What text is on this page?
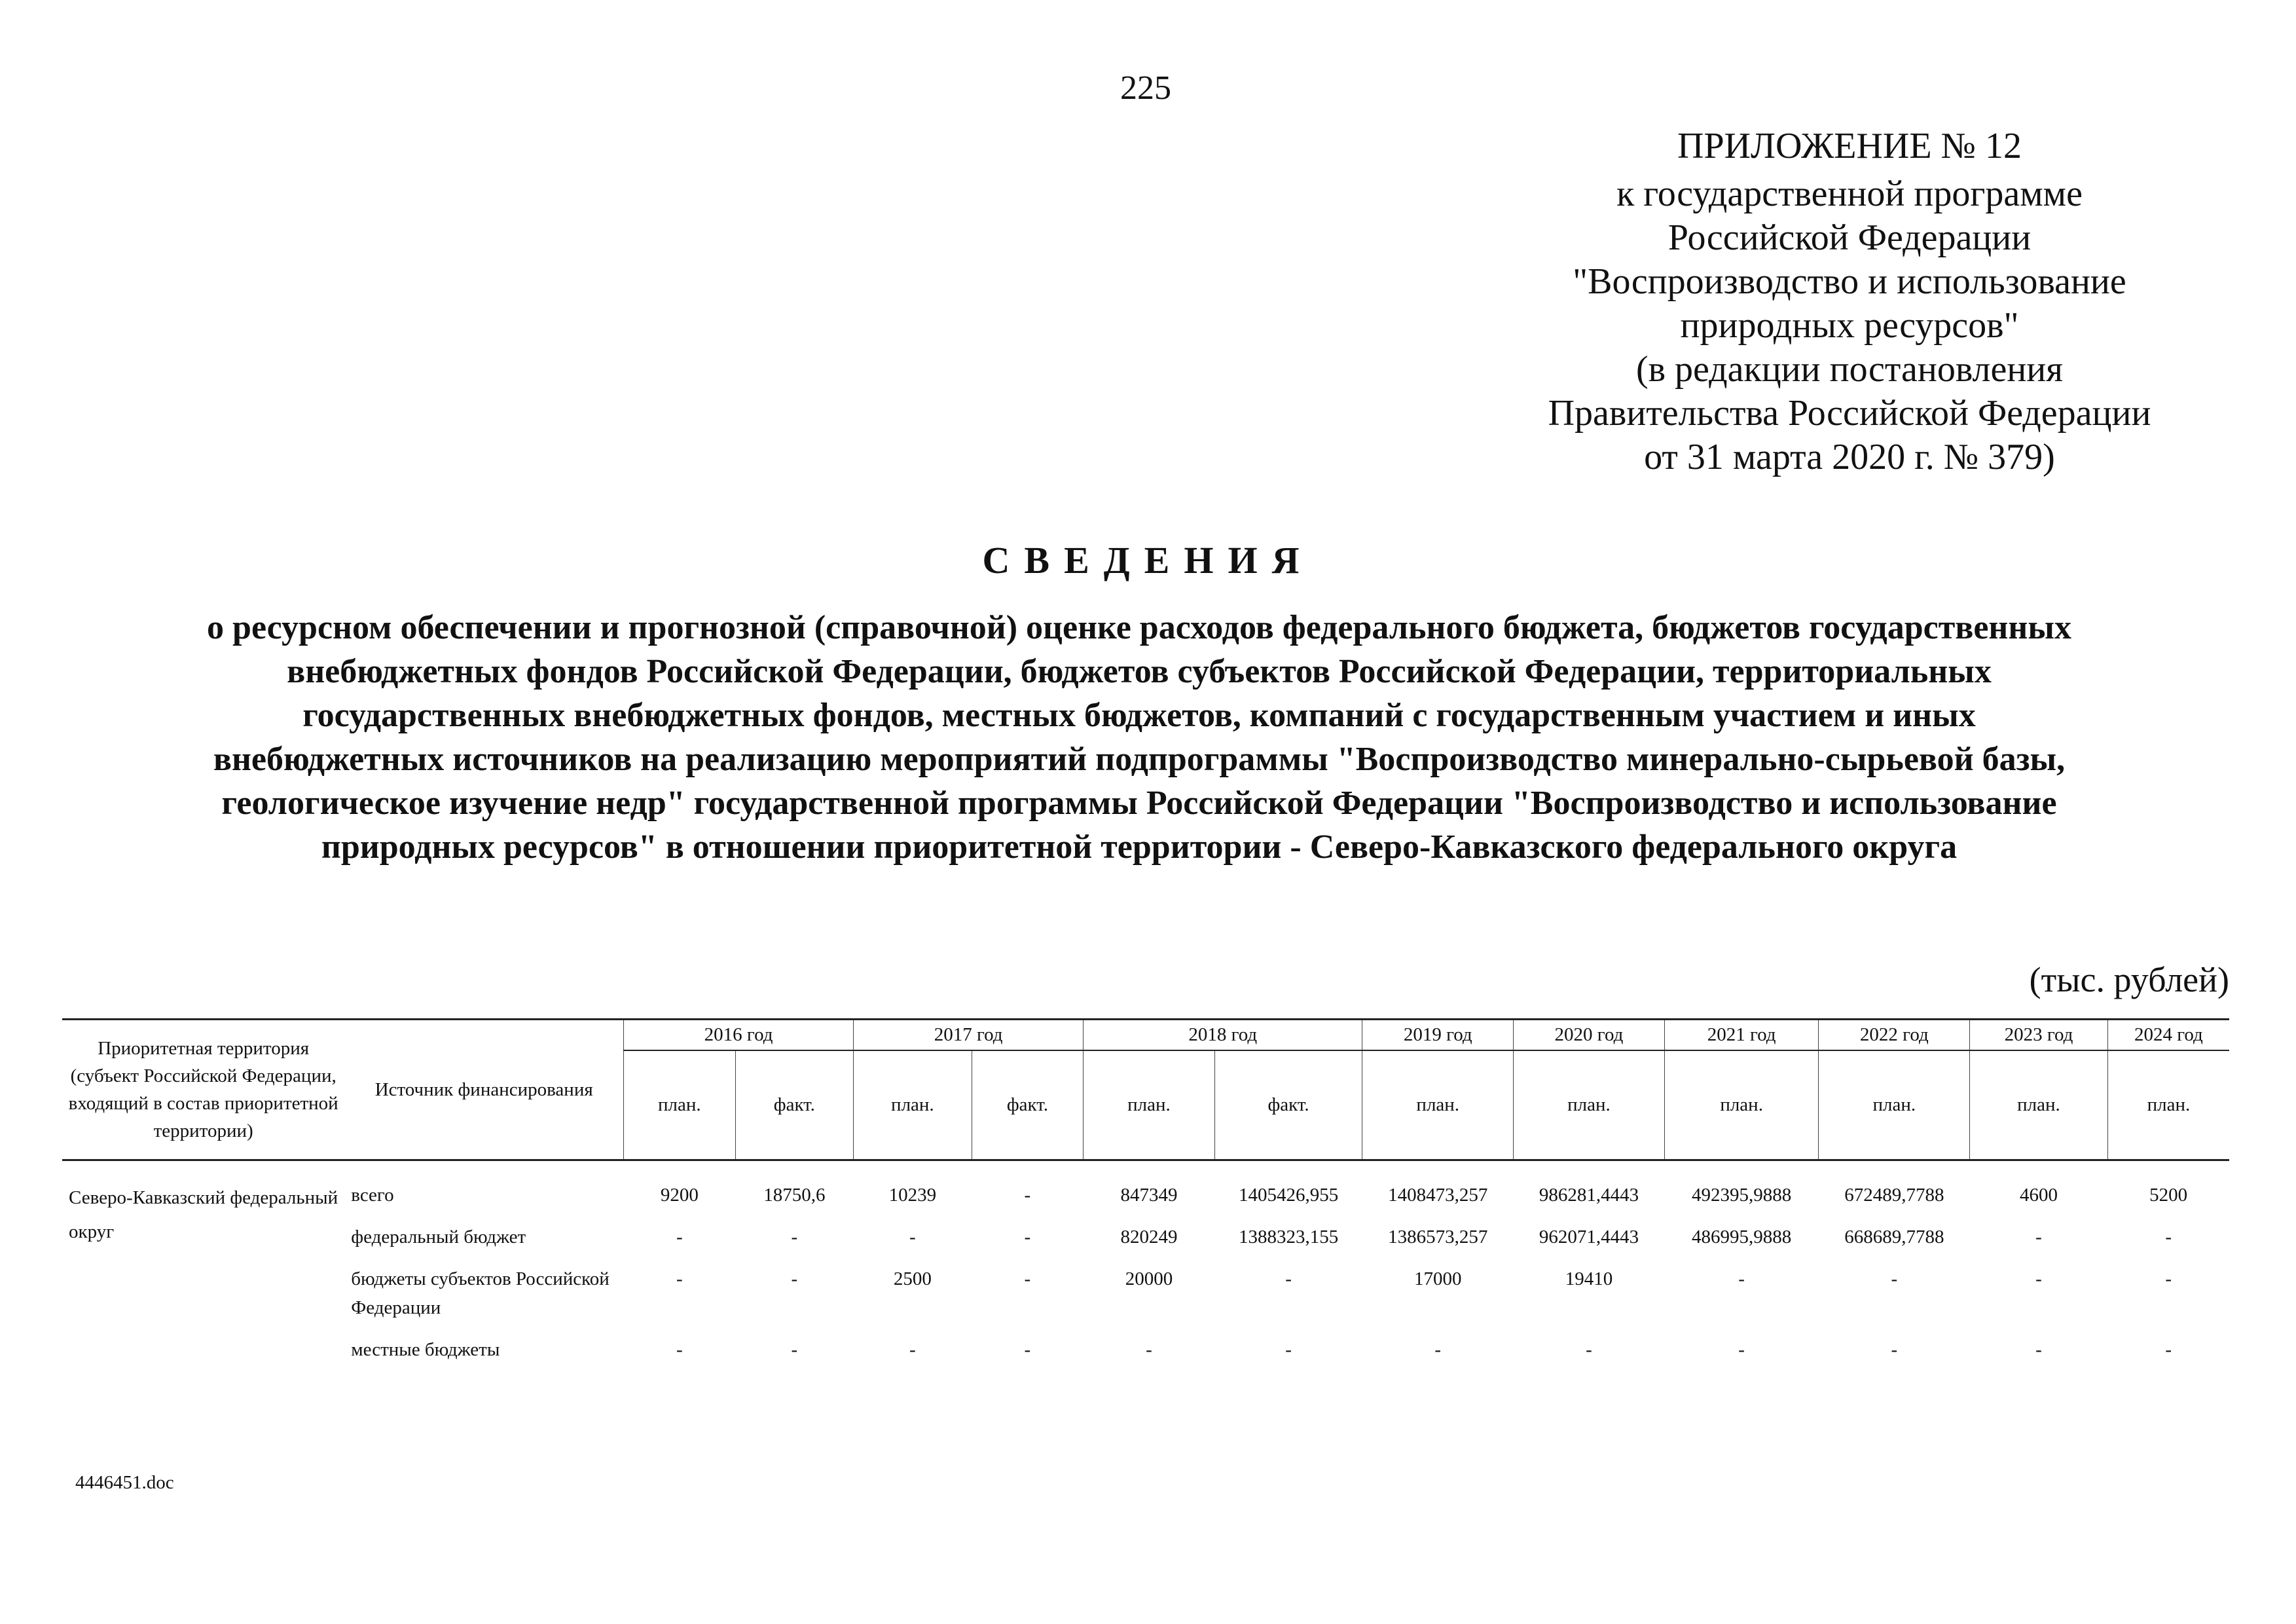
225
ПРИЛОЖЕНИЕ № 12
к государственной программе
Российской Федерации
"Воспроизводство и использование
природных ресурсов"
(в редакции постановления
Правительства Российской Федерации
от 31 марта 2020 г. № 379)
СВЕДЕНИЯ
о ресурсном обеспечении и прогнозной (справочной) оценке расходов федерального бюджета, бюджетов государственных
внебюджетных фондов Российской Федерации, бюджетов субъектов Российской Федерации, территориальных
государственных внебюджетных фондов, местных бюджетов, компаний с государственным участием и иных
внебюджетных источников на реализацию мероприятий подпрограммы "Воспроизводство минерально-сырьевой базы,
геологическое изучение недр" государственной программы Российской Федерации "Воспроизводство и использование
природных ресурсов" в отношении приоритетной территории - Северо-Кавказского федерального округа
(тыс. рублей)
Приоритетная территория (субъект Российской Федерации, входящий в состав приоритетной территории)	Источник финансирования	2016 год		2017 год		2018 год		2019 год	2020 год	2021 год	2022 год	2023 год	2024 год
		план.	факт.	план.	факт.	план.	факт.	план.	план.	план.	план.	план.	план.
Северо-Кавказский федеральный округ	всего	9200	18750,6	10239	-	847349	1405426,955	1408473,257	986281,4443	492395,9888	672489,7788	4600	5200
	федеральный бюджет	-	-	-	-	820249	1388323,155	1386573,257	962071,4443	486995,9888	668689,7788	-	-
	бюджеты субъектов Российской Федерации	-	-	2500	-	20000	-	17000	19410	-	-	-	-
	местные бюджеты	-	-	-	-	-	-	-	-	-	-	-	-
4446451.doc
